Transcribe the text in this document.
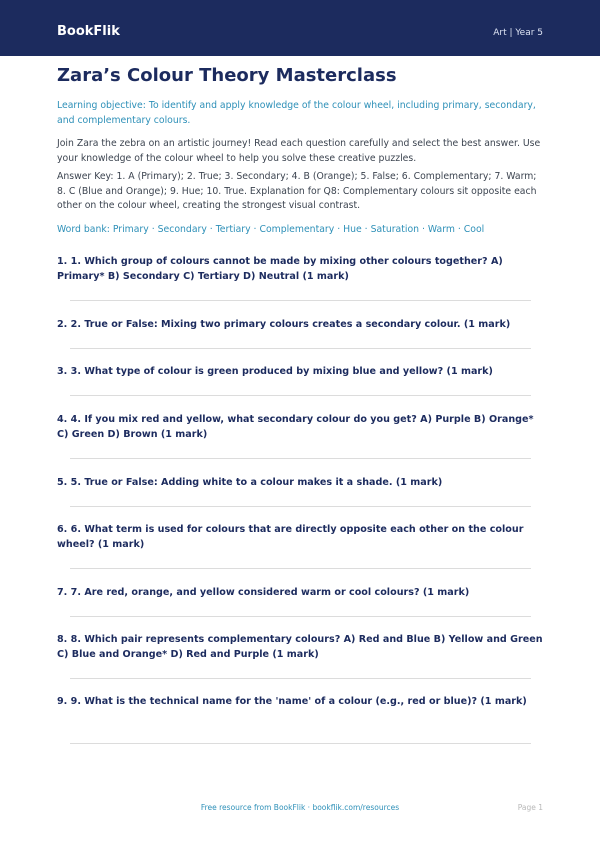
BookFlik	Art | Year 5
Zara’s Colour Theory Masterclass

Learning objective: To identify and apply knowledge of the colour wheel, including primary, secondary, and complementary colours.

Join Zara the zebra on an artistic journey! Read each question carefully and select the best answer. Use your knowledge of the colour wheel to help you solve these creative puzzles.

Answer Key: 1. A (Primary); 2. True; 3. Secondary; 4. B (Orange); 5. False; 6. Complementary; 7. Warm; 8. C (Blue and Orange); 9. Hue; 10. True. Explanation for Q8: Complementary colours sit opposite each other on the colour wheel, creating the strongest visual contrast.

Word bank: Primary · Secondary · Tertiary · Complementary · Hue · Saturation · Warm · Cool

1. 1. Which group of colours cannot be made by mixing other colours together? A) Primary* B) Secondary C) Tertiary D) Neutral (1 mark)

2. 2. True or False: Mixing two primary colours creates a secondary colour. (1 mark)

3. 3. What type of colour is green produced by mixing blue and yellow? (1 mark)

4. 4. If you mix red and yellow, what secondary colour do you get? A) Purple B) Orange* C) Green D) Brown (1 mark)

5. 5. True or False: Adding white to a colour makes it a shade. (1 mark)

6. 6. What term is used for colours that are directly opposite each other on the colour wheel? (1 mark)

7. 7. Are red, orange, and yellow considered warm or cool colours? (1 mark)

8. 8. Which pair represents complementary colours? A) Red and Blue B) Yellow and Green C) Blue and Orange* D) Red and Purple (1 mark)

9. 9. What is the technical name for the 'name' of a colour (e.g., red or blue)? (1 mark)

Free resource from BookFlik · bookflik.com/resources	Page 1
